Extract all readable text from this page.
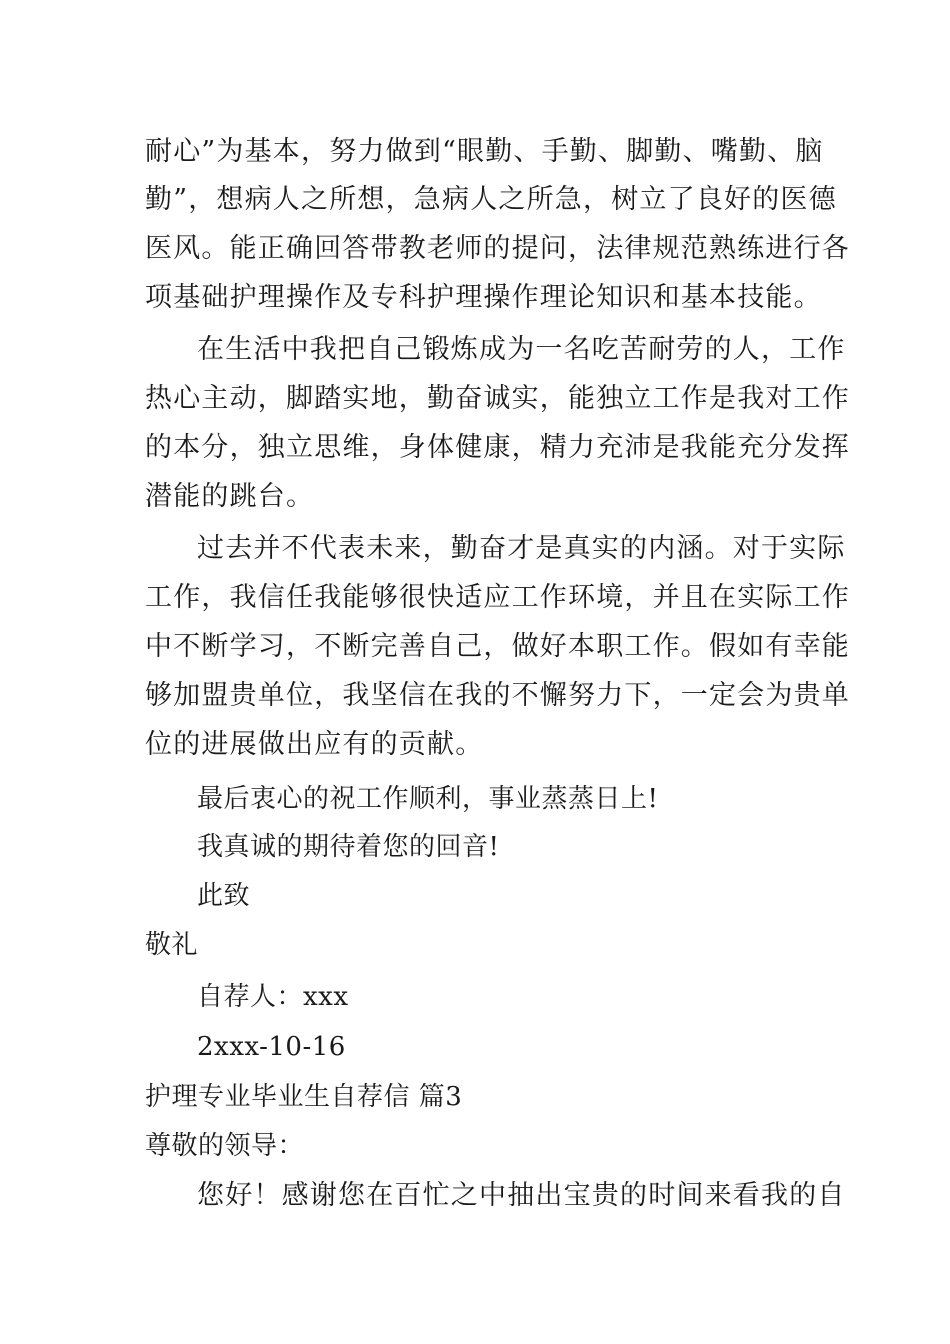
耐心”为基本，努力做到“眼勤、手勤、脚勤、嘴勤、脑
勤”，想病人之所想，急病人之所急，树立了良好的医德
医风。能正确回答带教老师的提问，法律规范熟练进行各
项基础护理操作及专科护理操作理论知识和基本技能。
在生活中我把自己锻炼成为一名吃苦耐劳的人，工作
热心主动，脚踏实地，勤奋诚实，能独立工作是我对工作
的本分，独立思维，身体健康，精力充沛是我能充分发挥
潜能的跳台。
过去并不代表未来，勤奋才是真实的内涵。对于实际
工作，我信任我能够很快适应工作环境，并且在实际工作
中不断学习，不断完善自己，做好本职工作。假如有幸能
够加盟贵单位，我坚信在我的不懈努力下，一定会为贵单
位的进展做出应有的贡献。
最后衷心的祝工作顺利，事业蒸蒸日上!
我真诚的期待着您的回音!
此致
敬礼
自荐人：xxx
2xxx-10-16
护理专业毕业生自荐信 篇3
尊敬的领导：
您好！感谢您在百忙之中抽出宝贵的时间来看我的自
